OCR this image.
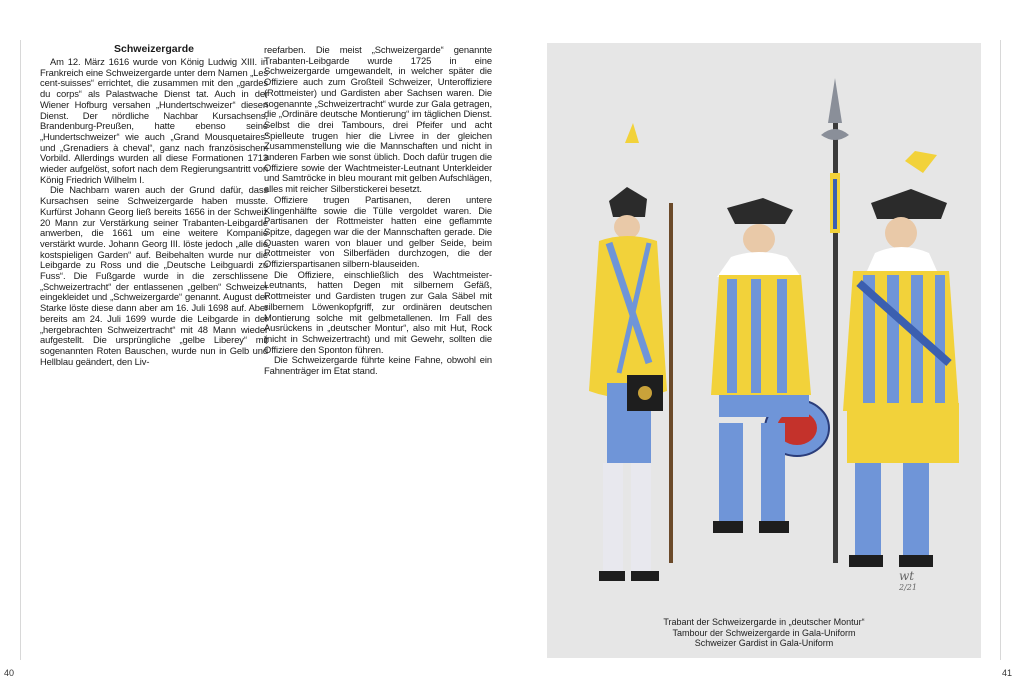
Schweizergarde

Am 12. März 1616 wurde von König Ludwig XIII. in Frankreich eine Schweizergarde unter dem Namen „Les cent-suisses“ errichtet, die zusammen mit den „gardes du corps“ als Palastwache Dienst tat. Auch in der Wiener Hofburg versahen „Hundertschweizer“ diesen Dienst. Der nördliche Nachbar Kursachsens, Brandenburg-Preußen, hatte ebenso seine „Hundertschweizer“ wie auch „Grand Mousquetaires“ und „Grenadiers à cheval“, ganz nach französischem Vorbild. Allerdings wurden all diese Formationen 1713 wieder aufgelöst, sofort nach dem Regierungsantritt von König Friedrich Wilhelm I.

Die Nachbarn waren auch der Grund dafür, dass Kursachsen seine Schweizergarde haben musste. Kurfürst Johann Georg ließ bereits 1656 in der Schweiz 20 Mann zur Verstärkung seiner Trabanten-Leibgarde anwerben, die 1661 um eine weitere Kompanie verstärkt wurde. Johann Georg III. löste jedoch „alle die kostspieligen Garden“ auf. Beibehalten wurde nur die Leibgarde zu Ross und die „Deutsche Leibguardi zu Fuss“. Die Fußgarde wurde in die zerschlissene „Schweizertracht“ der entlassenen „gelben“ Schweizer eingekleidet und „Schweizergarde“ genannt. August der Starke löste diese dann aber am 16. Juli 1698 auf. Aber bereits am 24. Juli 1699 wurde die Leibgarde in der „hergebrachten Schweizertracht“ mit 48 Mann wieder aufgestellt. Die ursprüngliche „gelbe Liberey“ mit sogenannten Roten Bauschen, wurde nun in Gelb und Hellblau geändert, den Liv-

reefarben. Die meist „Schweizergarde“ genannte Trabanten-Leibgarde wurde 1725 in eine Schweizergarde umgewandelt, in welcher später die Offiziere auch zum Großteil Schweizer, Unteroffiziere (Rottmeister) und Gardisten aber Sachsen waren. Die sogenannte „Schweizertracht“ wurde zur Gala getragen, die „Ordinäre deutsche Montierung“ im täglichen Dienst. Selbst die drei Tambours, drei Pfeifer und acht Spielleute trugen hier die Livree in der gleichen Zusammenstellung wie die Mannschaften und nicht in anderen Farben wie sonst üblich. Doch dafür trugen die Offiziere sowie der Wachtmeister-Leutnant Unterkleider und Samtröcke in bleu mourant mit gelben Aufschlägen, alles mit reicher Silberstickerei besetzt.

Offiziere trugen Partisanen, deren untere Klingenhälfte sowie die Tülle vergoldet waren. Die Partisanen der Rottmeister hatten eine geflammte Spitze, dagegen war die der Mannschaften gerade. Die Quasten waren von blauer und gelber Seide, beim Rottmeister von Silberfäden durchzogen, die der Offizierspartisanen silbern-blauseiden.

Die Offiziere, einschließlich des Wachtmeister-Leutnants, hatten Degen mit silbernem Gefäß, Rottmeister und Gardisten trugen zur Gala Säbel mit silbernem Löwenkopfgriff, zur ordinären deutschen Montierung solche mit gelbmetallenen. Im Fall des Ausrückens in „deutscher Montur“, also mit Hut, Rock (nicht in Schweizertracht) und mit Gewehr, sollten die Offiziere den Sponton führen.

Die Schweizergarde führte keine Fahne, obwohl ein Fahnenträger im Etat stand.

wt
2/21
Trabant der Schweizergarde in „deutscher Montur“
Tambour der Schweizergarde in Gala-Uniform
Schweizer Gardist in Gala-Uniform
40	41
